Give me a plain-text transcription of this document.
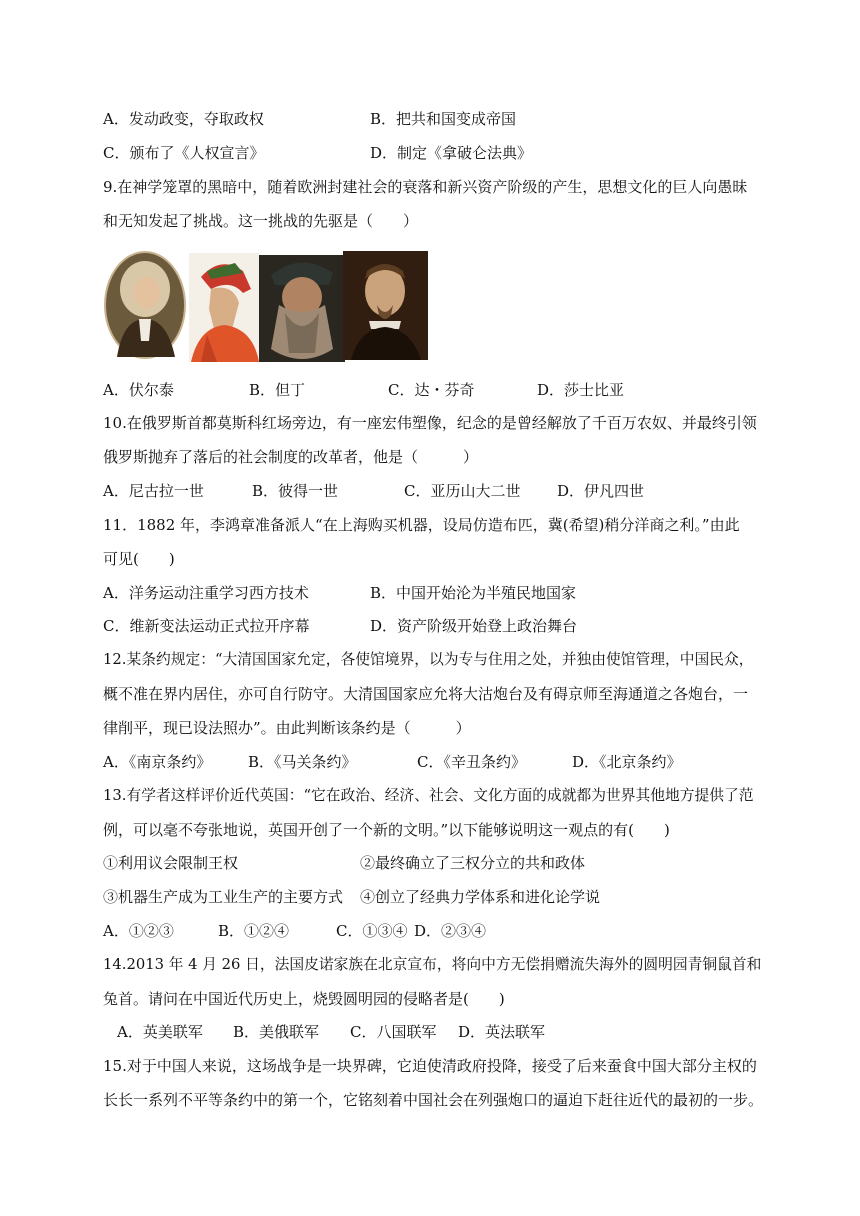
A．发动政变，夺取政权	B．把共和国变成帝国
C．颁布了《人权宣言》	D．制定《拿破仑法典》
9.在神学笼罩的黑暗中，随着欧洲封建社会的衰落和新兴资产阶级的产生，思想文化的巨人向愚昧
和无知发起了挑战。这一挑战的先驱是（　　）
A．伏尔泰	B．但丁	C．达・芬奇	D．莎士比亚
10.在俄罗斯首都莫斯科红场旁边，有一座宏伟塑像，纪念的是曾经解放了千百万农奴、并最终引领
俄罗斯抛弃了落后的社会制度的改革者，他是（　　　）
A．尼古拉一世	B．彼得一世	C．亚历山大二世 D．伊凡四世
11．1882 年，李鸿章准备派人“在上海购买机器，设局仿造布匹，冀(希望)稍分洋商之利。”由此
可见(　　)
A．洋务运动注重学习西方技术	B．中国开始沦为半殖民地国家
C．维新变法运动正式拉开序幕	D．资产阶级开始登上政治舞台
12.某条约规定：“大清国国家允定，各使馆境界，以为专与住用之处，并独由使馆管理，中国民众，
概不准在界内居住，亦可自行防守。大清国国家应允将大沽炮台及有碍京师至海通道之各炮台，一
律削平，现已设法照办”。由此判断该条约是（　　　）
A．《南京条约》 B．《马关条约》	C．《辛丑条约》	D．《北京条约》
13.有学者这样评价近代英国：“它在政治、经济、社会、文化方面的成就都为世界其他地方提供了范
例，可以毫不夸张地说，英国开创了一个新的文明。”以下能够说明这一观点的有(　　)
①利用议会限制王权	②最终确立了三权分立的共和政体
③机器生产成为工业生产的主要方式 ④创立了经典力学体系和进化论学说
A．①②③	B．①②④	C．①③④ D．②③④
14.2013 年 4 月 26 日，法国皮诺家族在北京宣布，将向中方无偿捐赠流失海外的圆明园青铜鼠首和
兔首。请问在中国近代历史上，烧毁圆明园的侵略者是(　　)
A．英美联军 B．美俄联军 C．八国联军 D．英法联军
15.对于中国人来说，这场战争是一块界碑，它迫使清政府投降，接受了后来蚕食中国大部分主权的
长长一系列不平等条约中的第一个，它铭刻着中国社会在列强炮口的逼迫下赶往近代的最初的一步。
